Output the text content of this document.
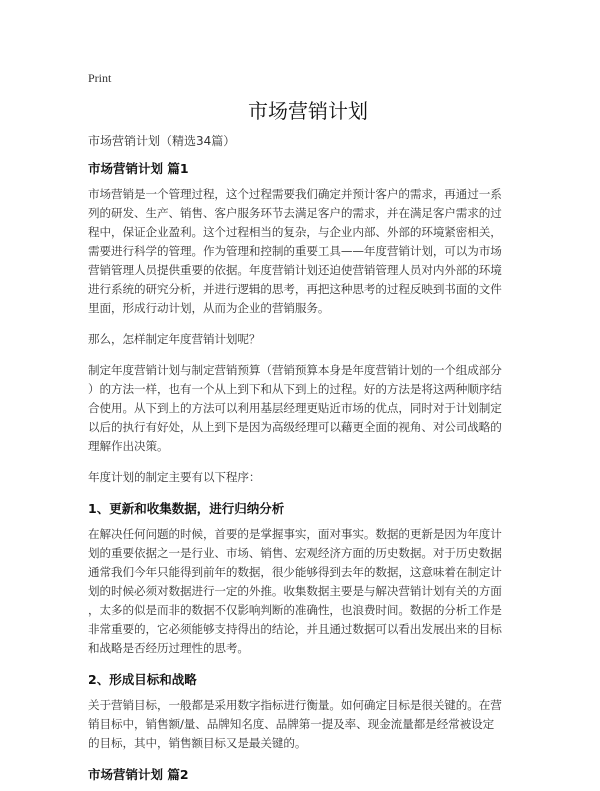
Print
市场营销计划
市场营销计划（精选34篇）
市场营销计划 篇1
市场营销是一个管理过程，这个过程需要我们确定并预计客户的需求，再通过一系
列的研发、生产、销售、客户服务环节去满足客户的需求，并在满足客户需求的过
程中，保证企业盈利。这个过程相当的复杂，与企业内部、外部的环境紧密相关，
需要进行科学的管理。作为管理和控制的重要工具——年度营销计划，可以为市场
营销管理人员提供重要的依据。年度营销计划还迫使营销管理人员对内外部的环境
进行系统的研究分析，并进行逻辑的思考，再把这种思考的过程反映到书面的文件
里面，形成行动计划，从而为企业的营销服务。
那么，怎样制定年度营销计划呢？
制定年度营销计划与制定营销预算（营销预算本身是年度营销计划的一个组成部分
）的方法一样，也有一个从上到下和从下到上的过程。好的方法是将这两种顺序结
合使用。从下到上的方法可以利用基层经理更贴近市场的优点，同时对于计划制定
以后的执行有好处，从上到下是因为高级经理可以藉更全面的视角、对公司战略的
理解作出决策。
年度计划的制定主要有以下程序：
1、更新和收集数据，进行归纳分析
在解决任何问题的时候，首要的是掌握事实，面对事实。数据的更新是因为年度计
划的重要依据之一是行业、市场、销售、宏观经济方面的历史数据。对于历史数据
通常我们今年只能得到前年的数据，很少能够得到去年的数据，这意味着在制定计
划的时候必须对数据进行一定的外推。收集数据主要是与解决营销计划有关的方面
，太多的似是而非的数据不仅影响判断的准确性，也浪费时间。数据的分析工作是
非常重要的，它必须能够支持得出的结论，并且通过数据可以看出发展出来的目标
和战略是否经历过理性的思考。
2、形成目标和战略
关于营销目标，一般都是采用数字指标进行衡量。如何确定目标是很关键的。在营
销目标中，销售额/量、品牌知名度、品牌第一提及率、现金流量都是经常被设定
的目标，其中，销售额目标又是最关键的。
市场营销计划 篇2
